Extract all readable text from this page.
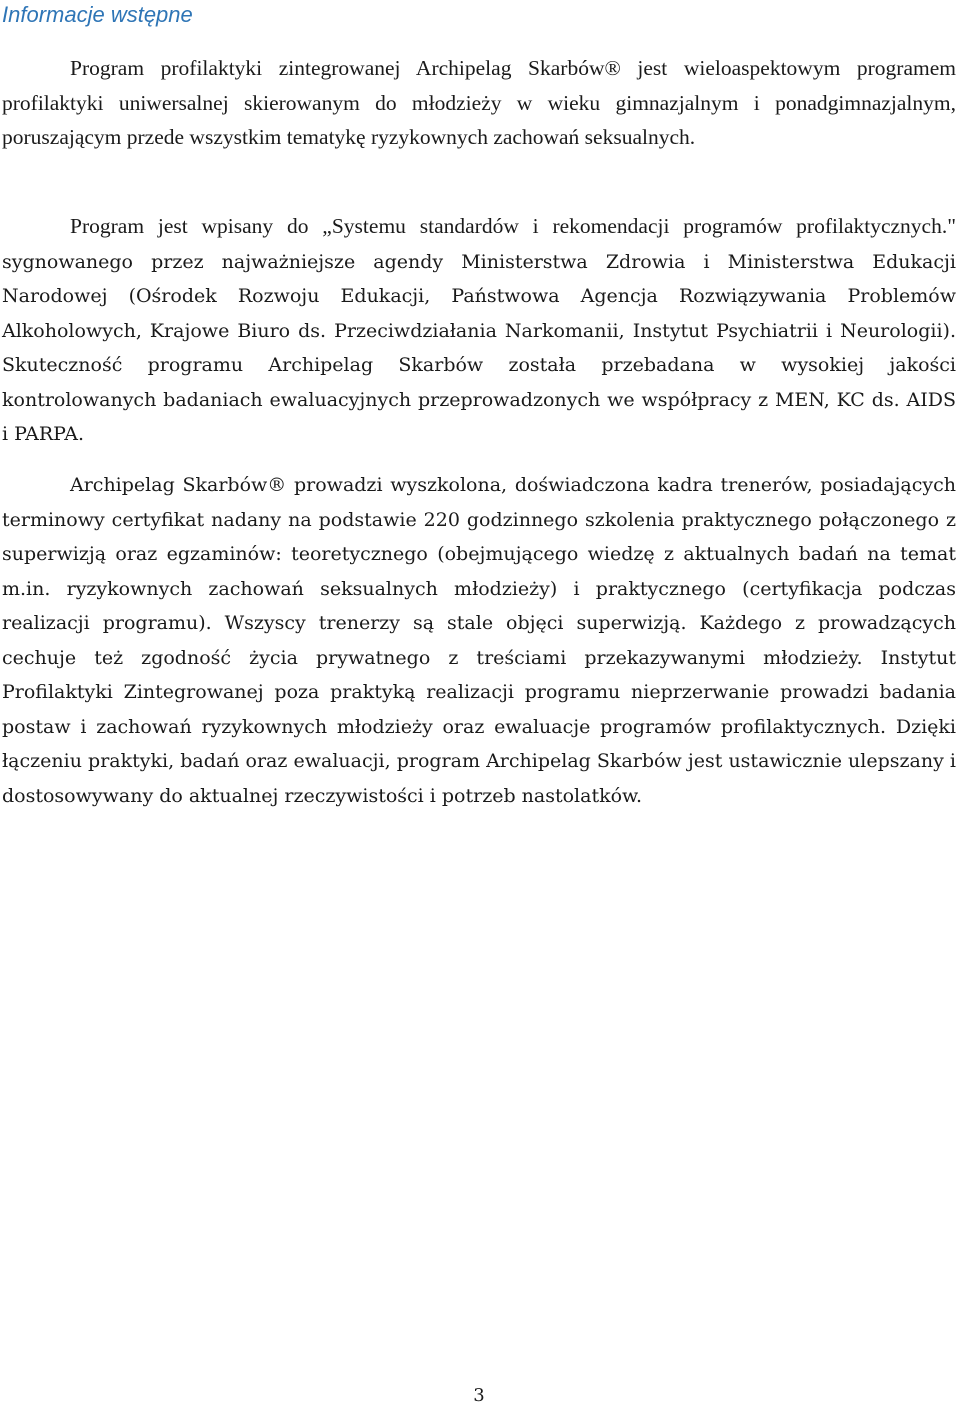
Informacje wstępne

Program profilaktyki zintegrowanej Archipelag Skarbów® jest wieloaspektowym programem profilaktyki uniwersalnej skierowanym do młodzieży w wieku gimnazjalnym i ponadgimnazjalnym, poruszającym przede wszystkim tematykę ryzykownych zachowań seksualnych.

Program jest wpisany do „Systemu standardów i rekomendacji programów profilaktycznych." sygnowanego przez najważniejsze agendy Ministerstwa Zdrowia i Ministerstwa Edukacji Narodowej (Ośrodek Rozwoju Edukacji, Państwowa Agencja Rozwiązywania Problemów Alkoholowych, Krajowe Biuro ds. Przeciwdziałania Narkomanii, Instytut Psychiatrii i Neurologii). Skuteczność programu Archipelag Skarbów została przebadana w wysokiej jakości kontrolowanych badaniach ewaluacyjnych przeprowadzonych we współpracy z MEN, KC ds. AIDS i PARPA.

Archipelag Skarbów® prowadzi wyszkolona, doświadczona kadra trenerów, posiadających terminowy certyfikat nadany na podstawie 220 godzinnego szkolenia praktycznego połączonego z superwizją oraz egzaminów: teoretycznego (obejmującego wiedzę z aktualnych badań na temat m.in. ryzykownych zachowań seksualnych młodzieży) i praktycznego (certyfikacja podczas realizacji programu). Wszyscy trenerzy są stale objęci superwizją. Każdego z prowadzących cechuje też zgodność życia prywatnego z treściami przekazywanymi młodzieży. Instytut Profilaktyki Zintegrowanej poza praktyką realizacji programu nieprzerwanie prowadzi badania postaw i zachowań ryzykownych młodzieży oraz ewaluacje programów profilaktycznych. Dzięki łączeniu praktyki, badań oraz ewaluacji, program Archipelag Skarbów jest ustawicznie ulepszany i dostosowywany do aktualnej rzeczywistości i potrzeb nastolatków.

3
